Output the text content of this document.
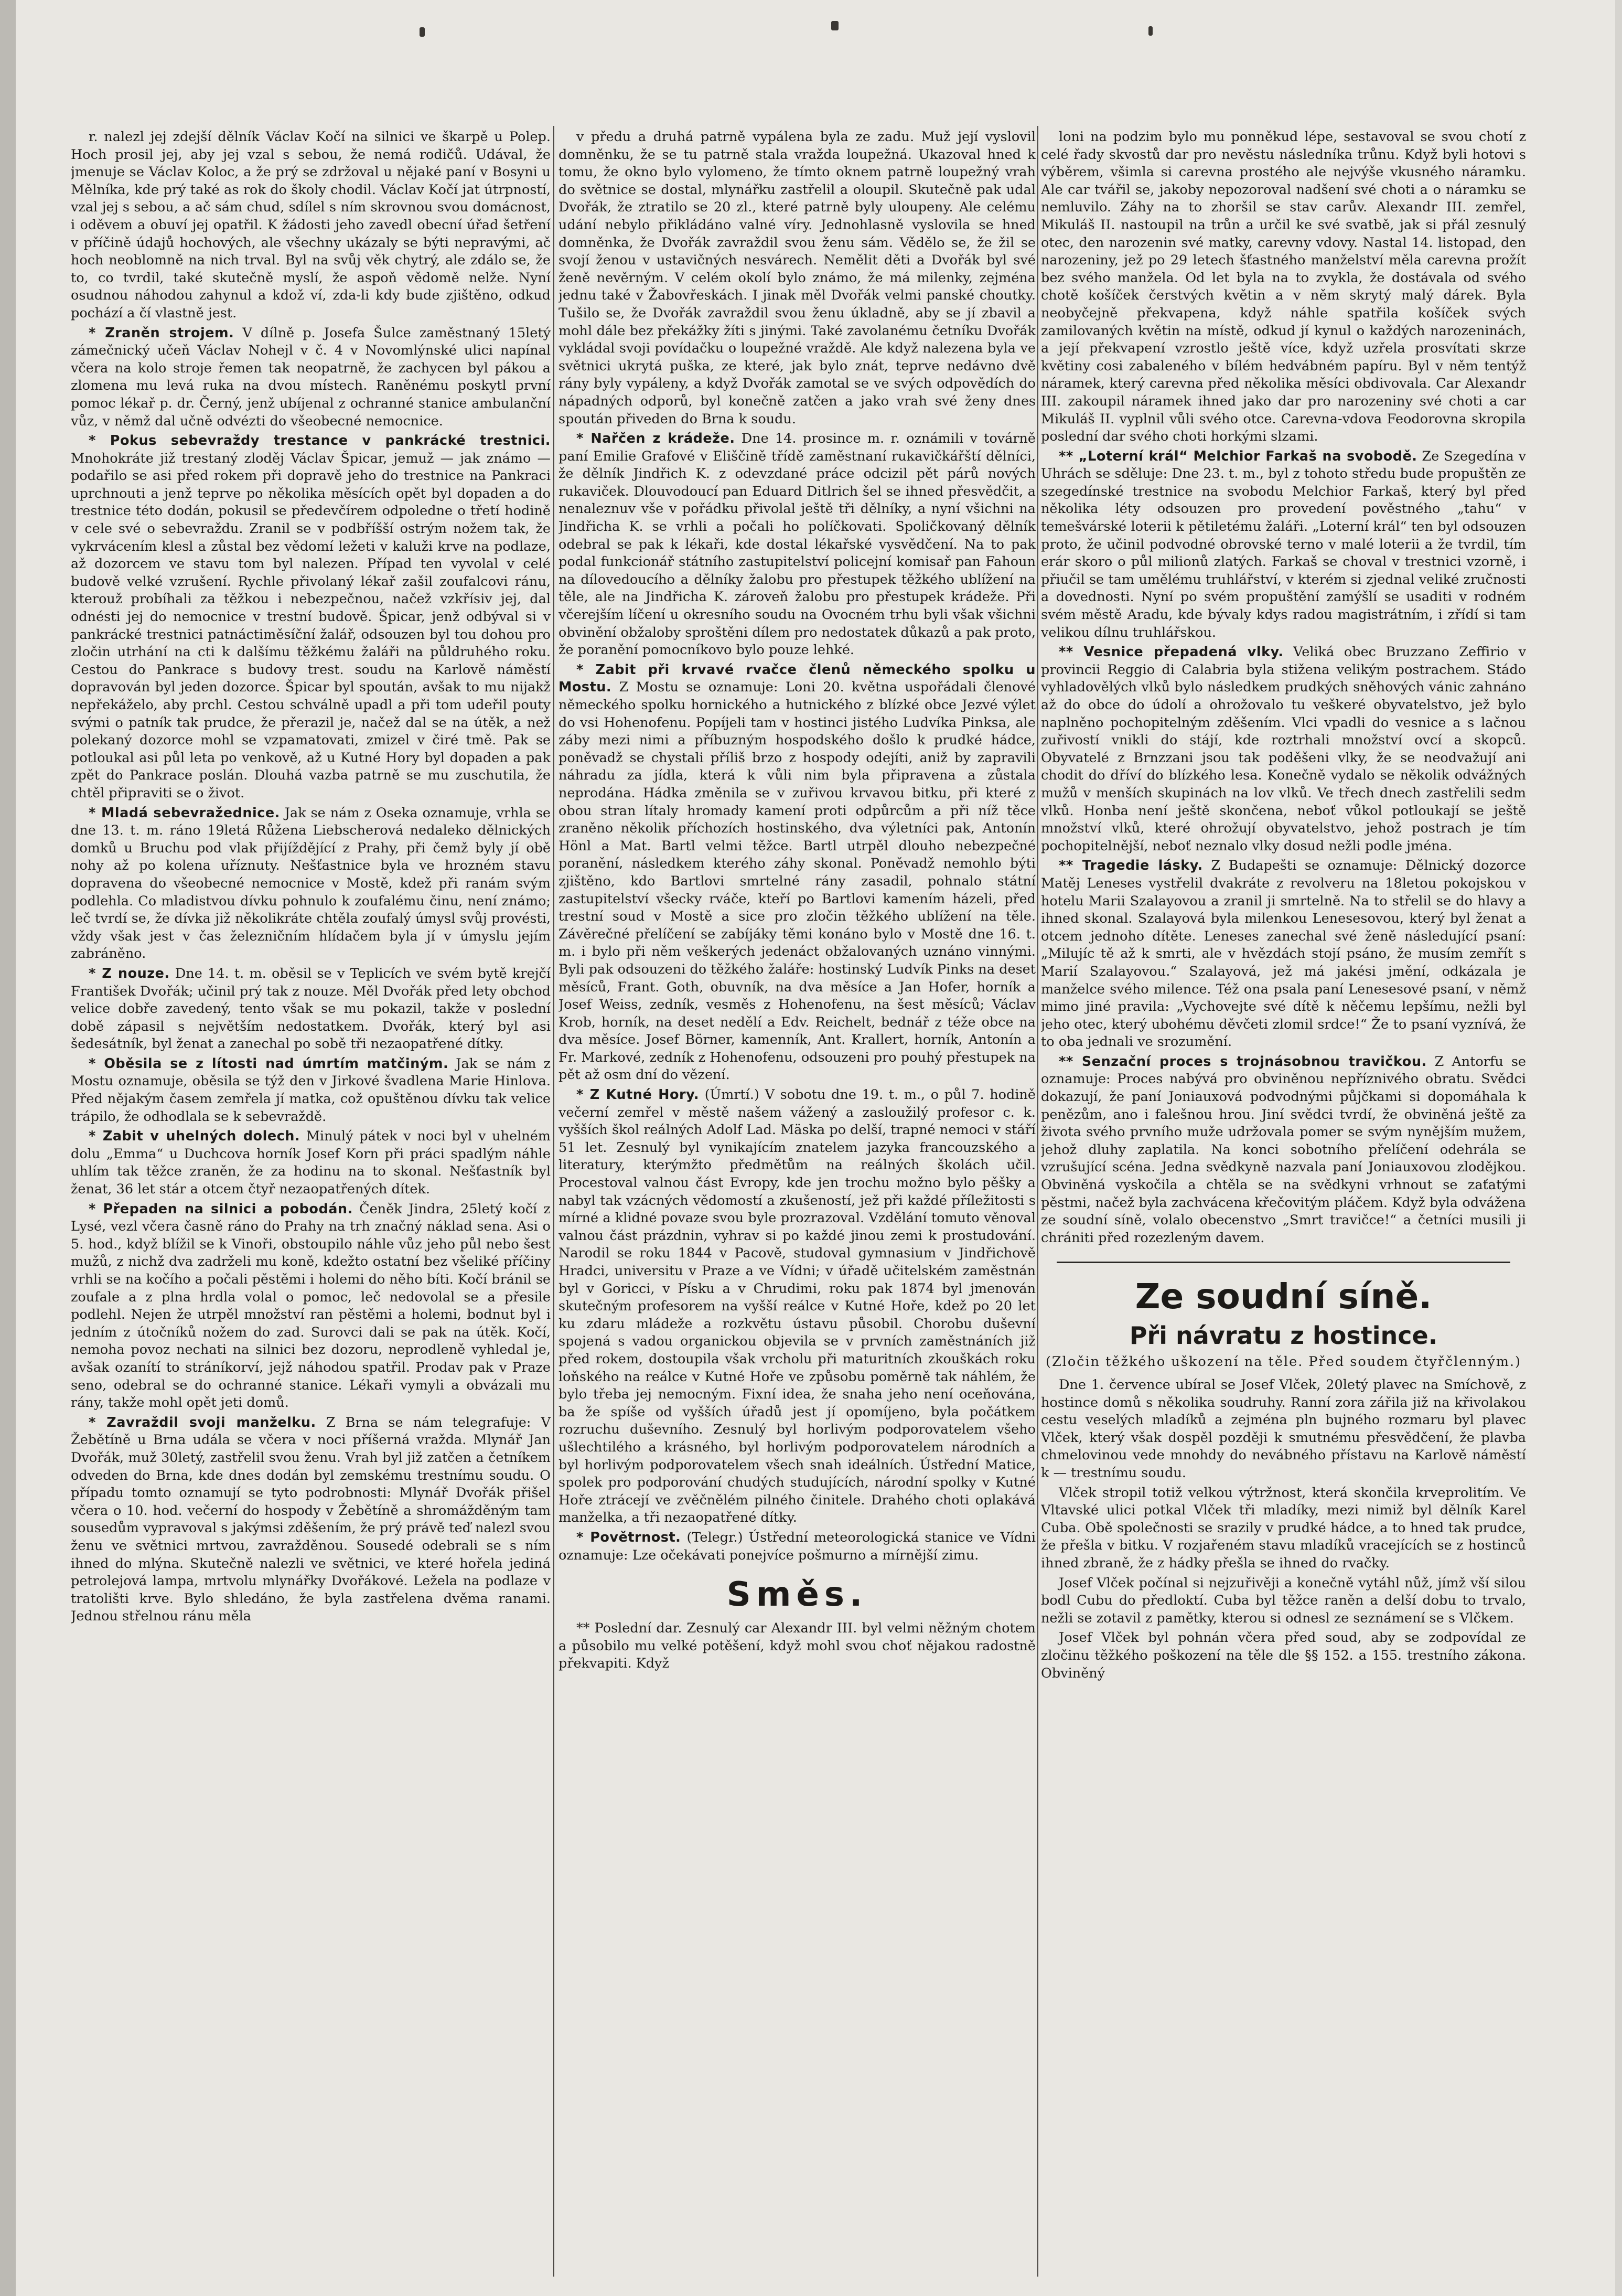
r. nalezl jej zdejší dělník Václav Kočí na silnici ve škarpě u Polep. Hoch prosil jej, aby jej vzal s sebou, že nemá rodičů. Udával, že jmenuje se Václav Koloc, a že prý se zdržoval u nějaké paní v Bosyni u Mělníka, kde prý také as rok do školy chodil. Václav Kočí jat útrpností, vzal jej s sebou, a ač sám chud, sdílel s ním skrovnou svou domácnost, i oděvem a obuví jej opatřil. K žádosti jeho zavedl obecní úřad šetření v příčině údajů hochových, ale všechny ukázaly se býti nepravými, ač hoch neoblomně na nich trval. Byl na svůj věk chytrý, ale zdálo se, že to, co tvrdil, také skutečně myslí, že aspoň vědomě nelže. Nyní osudnou náhodou zahynul a kdož ví, zda-li kdy bude zjištěno, odkud pochází a čí vlastně jest.

* Zraněn strojem. V dílně p. Josefa Šulce zaměstnaný 15letý zámečnický učeň Václav Nohejl v č. 4 v Novomlýnské ulici napínal včera na kolo stroje řemen tak neopatrně, že zachycen byl pákou a zlomena mu levá ruka na dvou místech. Raněnému poskytl první pomoc lékař p. dr. Černý, jenž ubíjenal z ochranné stanice ambulanční vůz, v němž dal učně odvézti do všeobecné nemocnice.

* Pokus sebevraždy trestance v pankrácké trestnici. Mnohokráte již trestaný zloděj Václav Špicar, jemuž — jak známo — podařilo se asi před rokem při dopravě jeho do trestnice na Pankraci uprchnouti a jenž teprve po několika měsících opět byl dopaden a do trestnice této dodán, pokusil se předevčírem odpoledne o třetí hodině v cele své o sebevraždu. Zranil se v podbříšší ostrým nožem tak, že vykrvácením klesl a zůstal bez vědomí ležeti v kaluži krve na podlaze, až dozorcem ve stavu tom byl nalezen. Případ ten vyvolal v celé budově velké vzrušení. Rychle přivolaný lékař zašil zoufalcovi ránu, kterouž probíhali za těžkou i nebezpečnou, načež vzkřísiv jej, dal odnésti jej do nemocnice v trestní budově. Špicar, jenž odbýval si v pankrácké trestnici patnáctiměsíční žalář, odsouzen byl tou dohou pro zločin utrhání na cti k dalšímu těžkému žaláři na půldruhého roku. Cestou do Pankrace s budovy trest. soudu na Karlově náměstí dopravován byl jeden dozorce. Špicar byl spoután, avšak to mu nijakž nepřekáželo, aby prchl. Cestou schválně upadl a při tom udeřil pouty svými o patník tak prudce, že přerazil je, načež dal se na útěk, a než polekaný dozorce mohl se vzpamatovati, zmizel v čiré tmě. Pak se potloukal asi půl leta po venkově, až u Kutné Hory byl dopaden a pak zpět do Pankrace poslán. Dlouhá vazba patrně se mu zuschutila, že chtěl připraviti se o život.

* Mladá sebevražednice. Jak se nám z Oseka oznamuje, vrhla se dne 13. t. m. ráno 19letá Růžena Liebscherová nedaleko dělnických domků u Bruchu pod vlak přijíždějící z Prahy, při čemž byly jí obě nohy až po kolena uříznuty. Nešťastnice byla ve hrozném stavu dopravena do všeobecné nemocnice v Mostě, kdež při ranám svým podlehla. Co mladistvou dívku pohnulo k zoufalému činu, není známo; leč tvrdí se, že dívka již několikráte chtěla zoufalý úmysl svůj provésti, vždy však jest v čas železničním hlídačem byla jí v úmyslu jejím zabráněno.

* Z nouze. Dne 14. t. m. oběsil se v Teplicích ve svém bytě krejčí František Dvořák; učinil prý tak z nouze. Měl Dvořák před lety obchod velice dobře zavedený, tento však se mu pokazil, takže v poslední době zápasil s největším nedostatkem. Dvořák, který byl asi šedesátník, byl ženat a zanechal po sobě tři nezaopatřené dítky.

* Oběsila se z lítosti nad úmrtím matčiným. Jak se nám z Mostu oznamuje, oběsila se týž den v Jirkové švadlena Marie Hinlova. Před nějakým časem zemřela jí matka, což opuštěnou dívku tak velice trápilo, že odhodlala se k sebevraždě.

* Zabit v uhelných dolech. Minulý pátek v noci byl v uhelném dolu „Emma“ u Duchcova horník Josef Korn při práci spadlým náhle uhlím tak těžce zraněn, že za hodinu na to skonal. Nešťastník byl ženat, 36 let stár a otcem čtyř nezaopatřených dítek.

* Přepaden na silnici a pobodán. Čeněk Jindra, 25letý kočí z Lysé, vezl včera časně ráno do Prahy na trh značný náklad sena. Asi o 5. hod., když blížil se k Vinoři, obstoupilo náhle vůz jeho půl nebo šest mužů, z nichž dva zadrželi mu koně, kdežto ostatní bez všeliké příčiny vrhli se na kočího a počali pěstěmi i holemi do něho bíti. Kočí bránil se zoufale a z plna hrdla volal o pomoc, leč nedovolal se a přesile podlehl. Nejen že utrpěl množství ran pěstěmi a holemi, bodnut byl i jedním z útočníků nožem do zad. Surovci dali se pak na útěk. Kočí, nemoha povoz nechati na silnici bez dozoru, neprodleně vyhledal je, avšak ozanítí to stráníkorví, jejž náhodou spatřil. Prodav pak v Praze seno, odebral se do ochranné stanice. Lékaři vymyli a obvázali mu rány, takže mohl opět jeti domů.

* Zavraždil svoji manželku. Z Brna se nám telegrafuje: V Žebětíně u Brna udála se včera v noci příšerná vražda. Mlynář Jan Dvořák, muž 30letý, zastřelil svou ženu. Vrah byl již zatčen a četníkem odveden do Brna, kde dnes dodán byl zemskému trestnímu soudu. O případu tomto oznamují se tyto podrobnosti: Mlynář Dvořák přišel včera o 10. hod. večerní do hospody v Žebětíně a shromážděným tam sousedům vypravoval s jakýmsi zděšením, že prý právě teď nalezl svou ženu ve světnici mrtvou, zavražděnou. Sousedé odebrali se s ním ihned do mlýna. Skutečně nalezli ve světnici, ve které hořela jediná petrolejová lampa, mrtvolu mlynářky Dvořákové. Ležela na podlaze v tratolišti krve. Bylo shledáno, že byla zastřelena dvěma ranami. Jednou střelnou ránu měla

v předu a druhá patrně vypálena byla ze zadu. Muž její vyslovil domněnku, že se tu patrně stala vražda loupežná. Ukazoval hned k tomu, že okno bylo vylomeno, že tímto oknem patrně loupežný vrah do světnice se dostal, mlynářku zastřelil a oloupil. Skutečně pak udal Dvořák, že ztratilo se 20 zl., které patrně byly uloupeny. Ale celému udání nebylo přikládáno valné víry. Jednohlasně vyslovila se hned domněnka, že Dvořák zavraždil svou ženu sám. Vědělo se, že žil se svojí ženou v ustavičných nesvárech. Nemělit děti a Dvořák byl své ženě nevěrným. V celém okolí bylo známo, že má milenky, zejména jednu také v Žabovřeskách. I jinak měl Dvořák velmi panské choutky. Tušilo se, že Dvořák zavraždil svou ženu úkladně, aby se jí zbavil a mohl dále bez překážky žíti s jinými. Také zavolanému četníku Dvořák vykládal svoji povídačku o loupežné vraždě. Ale když nalezena byla ve světnici ukrytá puška, ze které, jak bylo znát, teprve nedávno dvě rány byly vypáleny, a když Dvořák zamotal se ve svých odpovědích do nápadných odporů, byl konečně zatčen a jako vrah své ženy dnes spoután přiveden do Brna k soudu.

* Nařčen z krádeže. Dne 14. prosince m. r. oznámili v továrně paní Emilie Grafové v Eliščině třídě zaměstnaní rukavičkářští dělníci, že dělník Jindřich K. z odevzdané práce odcizil pět párů nových rukaviček. Dlouvodoucí pan Eduard Ditlrich šel se ihned přesvědčit, a nenaleznuv vše v pořádku přivolal ještě tři dělníky, a nyní všichni na Jindřicha K. se vrhli a počali ho políčkovati. Spoličkovaný dělník odebral se pak k lékaři, kde dostal lékařské vysvědčení. Na to pak podal funkcionář státního zastupitelství policejní komisař pan Fahoun na dílovedoucího a dělníky žalobu pro přestupek těžkého ublížení na těle, ale na Jindřicha K. zároveň žalobu pro přestupek krádeže. Při včerejším líčení u okresního soudu na Ovocném trhu byli však všichni obvinění obžaloby sproštěni dílem pro nedostatek důkazů a pak proto, že poranění pomocníkovo bylo pouze lehké.

* Zabit při krvavé rvačce členů německého spolku u Mostu. Z Mostu se oznamuje: Loni 20. května uspořádali členové německého spolku hornického a hutnického z blízké obce Jezvé výlet do vsi Hohenofenu. Popíjeli tam v hostinci jistého Ludvíka Pinksa, ale záby mezi nimi a příbuzným hospodského došlo k prudké hádce, poněvadž se chystali příliš brzo z hospody odejíti, aniž by zapravili náhradu za jídla, která k vůli nim byla připravena a zůstala neprodána. Hádka změnila se v zuřivou krvavou bitku, při které z obou stran lítaly hromady kamení proti odpůrcům a při níž těce zraněno několik příchozích hostinského, dva výletníci pak, Antonín Hönl a Mat. Bartl velmi těžce. Bartl utrpěl dlouho nebezpečné poranění, následkem kterého záhy skonal. Poněvadž nemohlo býti zjištěno, kdo Bartlovi smrtelné rány zasadil, pohnalo státní zastupitelství všecky rváče, kteří po Bartlovi kamením házeli, před trestní soud v Mostě a sice pro zločin těžkého ublížení na těle. Závěrečné přelíčení se zabíjáky těmi konáno bylo v Mostě dne 16. t. m. i bylo při něm veškerých jedenáct obžalovaných uznáno vinnými. Byli pak odsouzeni do těžkého žaláře: hostinský Ludvík Pinks na deset měsíců, Frant. Goth, obuvník, na dva měsíce a Jan Hofer, horník a Josef Weiss, zedník, vesměs z Hohenofenu, na šest měsíců; Václav Krob, horník, na deset nedělí a Edv. Reichelt, bednář z téže obce na dva měsíce. Josef Börner, kamenník, Ant. Krallert, horník, Antonín a Fr. Markové, zedník z Hohenofenu, odsouzeni pro pouhý přestupek na pět až osm dní do vězení.

* Z Kutné Hory. (Úmrtí.) V sobotu dne 19. t. m., o půl 7. hodině večerní zemřel v městě našem vážený a zasloužilý profesor c. k. vyšších škol reálných Adolf Lad. Mäska po delší, trapné nemoci v stáří 51 let. Zesnulý byl vynikajícím znatelem jazyka francouzského a literatury, kterýmžto předmětům na reálných školách učil. Procestoval valnou část Evropy, kde jen trochu možno bylo pěšky a nabyl tak vzácných vědomostí a zkušeností, jež při každé příležitosti s mírné a klidné povaze svou byle prozrazoval. Vzdělání tomuto věnoval valnou část prázdnin, vyhrav si po každé jinou zemi k prostudování. Narodil se roku 1844 v Pacově, studoval gymnasium v Jindřichově Hradci, universitu v Praze a ve Vídni; v úřadě učitelském zaměstnán byl v Goricci, v Písku a v Chrudimi, roku pak 1874 byl jmenován skutečným profesorem na vyšší reálce v Kutné Hoře, kdež po 20 let ku zdaru mládeže a rozkvětu ústavu působil. Chorobu duševní spojená s vadou organickou objevila se v prvních zaměstnáních již před rokem, dostoupila však vrcholu při maturitních zkouškách roku loňského na reálce v Kutné Hoře ve způsobu poměrně tak náhlém, že bylo třeba jej nemocným. Fixní idea, že snaha jeho není oceňována, ba že spíše od vyšších úřadů jest jí opomíjeno, byla počátkem rozruchu duševního. Zesnulý byl horlivým podporovatelem všeho ušlechtilého a krásného, byl horlivým podporovatelem národních a byl horlivým podporovatelem všech snah ideálních. Ústřední Matice, spolek pro podporování chudých studujících, národní spolky v Kutné Hoře ztrácejí ve zvěčnělém pilného činitele. Drahého choti oplakává manželka, a tři nezaopatřené dítky.

* Povětrnost. (Telegr.) Ústřední meteorologická stanice ve Vídni oznamuje: Lze očekávati ponejvíce pošmurno a mírnější zimu.

Směs.

** Poslední dar. Zesnulý car Alexandr III. byl velmi něžným chotem a působilo mu velké potěšení, když mohl svou choť nějakou radostně překvapiti. Když

loni na podzim bylo mu ponněkud lépe, sestavoval se svou chotí z celé řady skvostů dar pro nevěstu následníka trůnu. Když byli hotovi s výběrem, všimla si carevna prostého ale nejvýše vkusného náramku. Ale car tvářil se, jakoby nepozoroval nadšení své choti a o náramku se nemluvilo. Záhy na to zhoršil se stav carův. Alexandr III. zemřel, Mikuláš II. nastoupil na trůn a určil ke své svatbě, jak si přál zesnulý otec, den narozenin své matky, carevny vdovy. Nastal 14. listopad, den narozeniny, jež po 29 letech šťastného manželství měla carevna prožít bez svého manžela. Od let byla na to zvykla, že dostávala od svého chotě košíček čerstvých květin a v něm skrytý malý dárek. Byla neobyčejně překvapena, když náhle spatřila košíček svých zamilovaných květin na místě, odkud jí kynul o každých narozeninách, a její překvapení vzrostlo ještě více, když uzřela prosvítati skrze květiny cosi zabaleného v bílém hedvábném papíru. Byl v něm tentýž náramek, který carevna před několika měsíci obdivovala. Car Alexandr III. zakoupil náramek ihned jako dar pro narozeniny své choti a car Mikuláš II. vyplnil vůli svého otce. Carevna-vdova Feodorovna skropila poslední dar svého choti horkými slzami.

** „Loterní král“ Melchior Farkaš na svobodě. Ze Szegedína v Uhrách se sděluje: Dne 23. t. m., byl z tohoto středu bude propuštěn ze szegedínské trestnice na svobodu Melchior Farkaš, který byl před několika léty odsouzen pro provedení pověstného „tahu“ v temešvárské loterii k pětiletému žaláři. „Loterní král“ ten byl odsouzen proto, že učinil podvodné obrovské terno v malé loterii a že tvrdil, tím erár skoro o půl milionů zlatých. Farkaš se choval v trestnici vzorně, i přiučil se tam umělému truhlářství, v kterém si zjednal veliké zručnosti a dovednosti. Nyní po svém propuštění zamýšlí se usaditi v rodném svém městě Aradu, kde bývaly kdys radou magistrátním, i zřídí si tam velikou dílnu truhlářskou.

** Vesnice přepadená vlky. Veliká obec Bruzzano Zeffirio v provincii Reggio di Calabria byla stižena velikým postrachem. Stádo vyhladovělých vlků bylo následkem prudkých sněhových vánic zahnáno až do obce do údolí a ohrožovalo tu veškeré obyvatelstvo, jež bylo naplněno pochopitelným zděšením. Vlci vpadli do vesnice a s lačnou zuřivostí vnikli do stájí, kde roztrhali množství ovcí a skopců. Obyvatelé z Brnzzani jsou tak poděšeni vlky, že se neodvažují ani chodit do dříví do blízkého lesa. Konečně vydalo se několik odvážných mužů v menších skupinách na lov vlků. Ve třech dnech zastřelili sedm vlků. Honba není ještě skončena, neboť vůkol potloukají se ještě množství vlků, které ohrožují obyvatelstvo, jehož postrach je tím pochopitelnější, neboť neznalo vlky dosud nežli podle jména.

** Tragedie lásky. Z Budapešti se oznamuje: Dělnický dozorce Matěj Leneses vystřelil dvakráte z revolveru na 18letou pokojskou v hotelu Marii Szalayovou a zranil ji smrtelně. Na to střelil se do hlavy a ihned skonal. Szalayová byla milenkou Lenesesovou, který byl ženat a otcem jednoho dítěte. Leneses zanechal své ženě následující psaní: „Milujíc tě až k smrti, ale v hvězdách stojí psáno, že musím zemřít s Marií Szalayovou.“ Szalayová, jež má jakési jmění, odkázala je manželce svého milence. Též ona psala paní Lenesesové psaní, v němž mimo jiné pravila: „Vychovejte své dítě k něčemu lepšímu, nežli byl jeho otec, který ubohému děvčeti zlomil srdce!“ Že to psaní vyznívá, že to oba jednali ve srozumění.

** Senzační proces s trojnásobnou travičkou. Z Antorfu se oznamuje: Proces nabývá pro obviněnou nepříznivého obratu. Svědci dokazují, že paní Joniauxová podvodnými půjčkami si dopomáhala k penězům, ano i falešnou hrou. Jiní svědci tvrdí, že obviněná ještě za života svého prvního muže udržovala pomer se svým nynějším mužem, jehož dluhy zaplatila. Na konci sobotního přelíčení odehrála se vzrušující scéna. Jedna svědkyně nazvala paní Joniauxovou zlodějkou. Obviněná vyskočila a chtěla se na svědkyni vrhnout se zaťatými pěstmi, načež byla zachvácena křečovitým pláčem. Když byla odvážena ze soudní síně, volalo obecenstvo „Smrt travičce!“ a četníci musili ji chrániti před rozezleným davem.

Ze soudní síně.
Při návratu z hostince.
(Zločin těžkého uškození na těle. Před soudem čtyřčlenným.)

Dne 1. července ubíral se Josef Vlček, 20letý plavec na Smíchově, z hostince domů s několika soudruhy. Ranní zora zářila již na křivolakou cestu veselých mladíků a zejména pln bujného rozmaru byl plavec Vlček, který však dospěl později k smutnému přesvědčení, že plavba chmelovinou vede mnohdy do nevábného přístavu na Karlově náměstí k — trestnímu soudu.

Vlček stropil totiž velkou výtržnost, která skončila krveprolitím. Ve Vltavské ulici potkal Vlček tři mladíky, mezi nimiž byl dělník Karel Cuba. Obě společnosti se srazily v prudké hádce, a to hned tak prudce, že přešla v bitku. V rozjařeném stavu mladíků vracejících se z hostinců ihned zbraně, že z hádky přešla se ihned do rvačky.

Josef Vlček počínal si nejzuřivěji a konečně vytáhl nůž, jímž vší silou bodl Cubu do předloktí. Cuba byl těžce raněn a delší dobu to trvalo, nežli se zotavil z pamětky, kterou si odnesl ze seznámení se s Vlčkem.

Josef Vlček byl pohnán včera před soud, aby se zodpovídal ze zločinu těžkého poškození na těle dle §§ 152. a 155. trestního zákona. Obviněný
